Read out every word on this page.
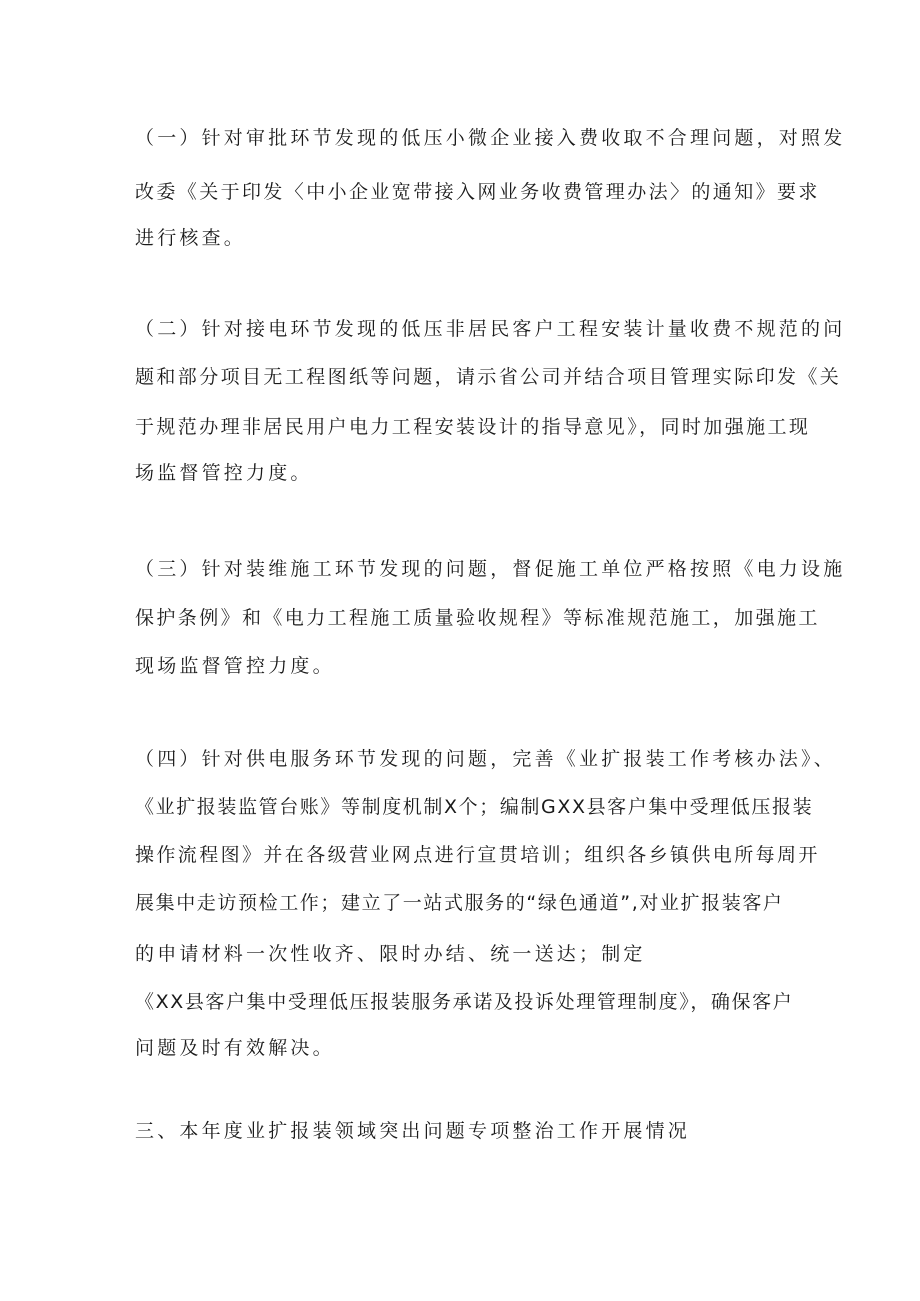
（一）针对审批环节发现的低压小微企业接入费收取不合理问题，对照发
改委《关于印发〈中小企业宽带接入网业务收费管理办法〉的通知》要求
进行核查。
（二）针对接电环节发现的低压非居民客户工程安装计量收费不规范的问
题和部分项目无工程图纸等问题，请示省公司并结合项目管理实际印发《关
于规范办理非居民用户电力工程安装设计的指导意见》，同时加强施工现
场监督管控力度。
（三）针对装维施工环节发现的问题，督促施工单位严格按照《电力设施
保护条例》和《电力工程施工质量验收规程》等标准规范施工，加强施工
现场监督管控力度。
（四）针对供电服务环节发现的问题，完善《业扩报装工作考核办法》、
《业扩报装监管台账》等制度机制X个；编制GXX县客户集中受理低压报装
操作流程图》并在各级营业网点进行宣贯培训；组织各乡镇供电所每周开
展集中走访预检工作；建立了一站式服务的“绿色通道”,对业扩报装客户
的申请材料一次性收齐、限时办结、统一送达；制定
《XX县客户集中受理低压报装服务承诺及投诉处理管理制度》，确保客户
问题及时有效解决。
三、本年度业扩报装领域突出问题专项整治工作开展情况
